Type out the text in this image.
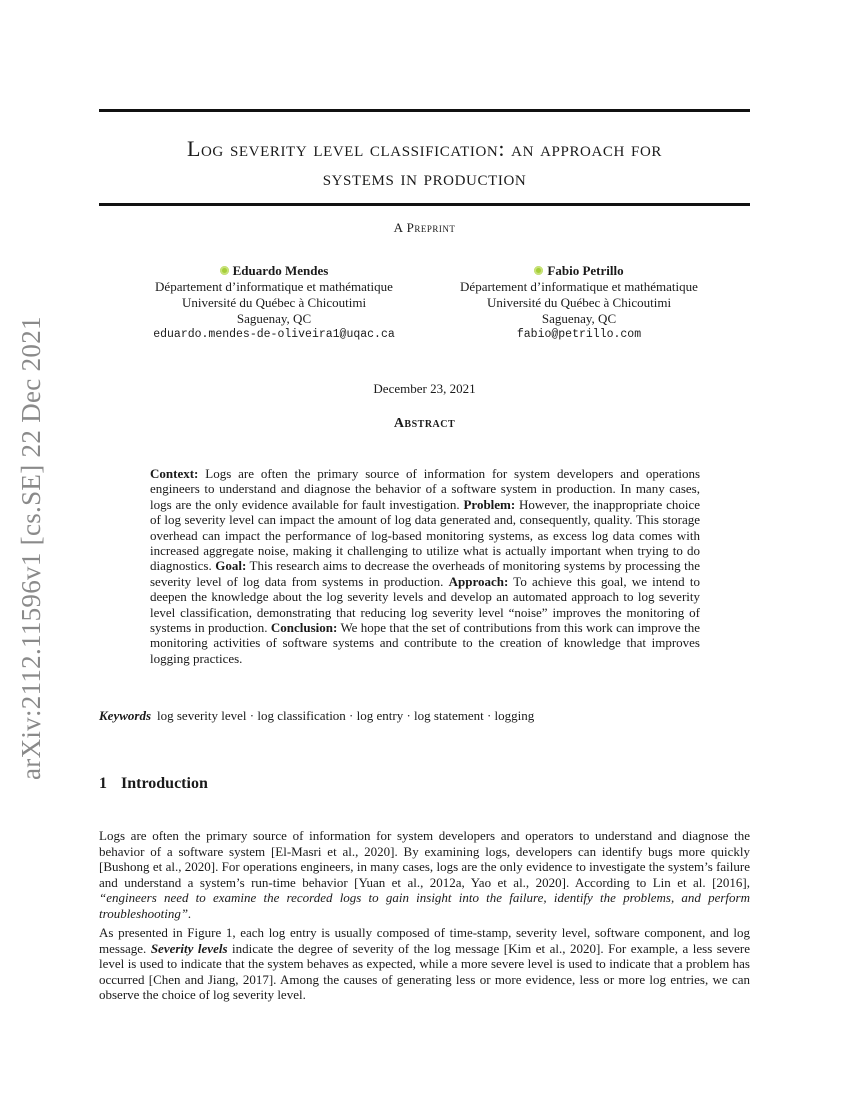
arXiv:2112.11596v1 [cs.SE] 22 Dec 2021
Log severity level classification: an approach for
systems in production
A Preprint
Eduardo Mendes
Département d’informatique et mathématique
Université du Québec à Chicoutimi
Saguenay, QC
eduardo.mendes-de-oliveira1@uqac.ca
Fabio Petrillo
Département d’informatique et mathématique
Université du Québec à Chicoutimi
Saguenay, QC
fabio@petrillo.com
December 23, 2021
Abstract
Context: Logs are often the primary source of information for system developers and operations engineers to understand and diagnose the behavior of a software system in production. In many cases, logs are the only evidence available for fault investigation. Problem: However, the inappropriate choice of log severity level can impact the amount of log data generated and, consequently, quality. This storage overhead can impact the performance of log-based monitoring systems, as excess log data comes with increased aggregate noise, making it challenging to utilize what is actually important when trying to do diagnostics. Goal: This research aims to decrease the overheads of monitoring systems by processing the severity level of log data from systems in production. Approach: To achieve this goal, we intend to deepen the knowledge about the log severity levels and develop an automated approach to log severity level classification, demonstrating that reducing log severity level “noise” improves the monitoring of systems in production. Conclusion: We hope that the set of contributions from this work can improve the monitoring activities of software systems and contribute to the creation of knowledge that improves logging practices.
Keywords log severity level · log classification · log entry · log statement · logging
1 Introduction

Logs are often the primary source of information for system developers and operators to understand and diagnose the behavior of a software system [El-Masri et al., 2020]. By examining logs, developers can identify bugs more quickly [Bushong et al., 2020]. For operations engineers, in many cases, logs are the only evidence to investigate the system’s failure and understand a system’s run-time behavior [Yuan et al., 2012a, Yao et al., 2020]. According to Lin et al. [2016], “engineers need to examine the recorded logs to gain insight into the failure, identify the problems, and perform troubleshooting”.

As presented in Figure 1, each log entry is usually composed of time-stamp, severity level, software component, and log message. Severity levels indicate the degree of severity of the log message [Kim et al., 2020]. For example, a less severe level is used to indicate that the system behaves as expected, while a more severe level is used to indicate that a problem has occurred [Chen and Jiang, 2017]. Among the causes of generating less or more evidence, less or more log entries, we can observe the choice of log severity level.
